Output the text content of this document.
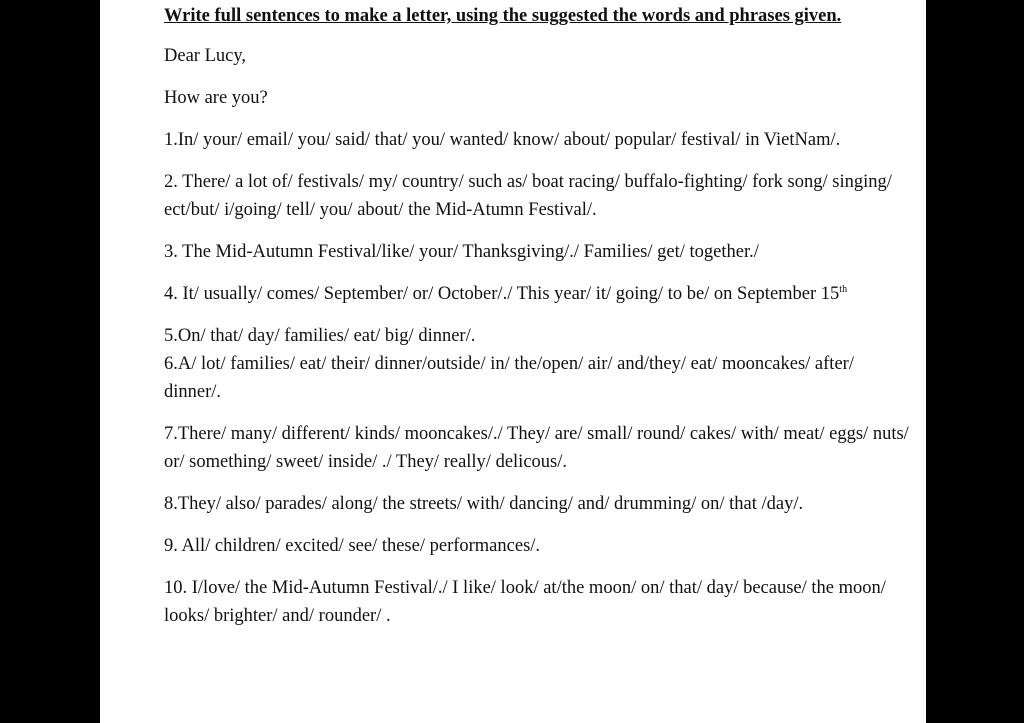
Write full sentences to make a letter, using the suggested the words and phrases given.

Dear Lucy,

How are you?

1.In/ your/ email/ you/ said/ that/ you/ wanted/ know/ about/ popular/ festival/ in VietNam/.

2. There/ a lot of/ festivals/ my/ country/ such as/ boat racing/ buffalo-fighting/ fork song/ singing/ ect/but/ i/going/ tell/ you/ about/ the Mid-Atumn Festival/.

3. The Mid-Autumn Festival/like/ your/ Thanksgiving/./ Families/ get/ together./

4. It/ usually/ comes/ September/ or/ October/./ This year/ it/ going/ to be/ on September 15th

5.On/ that/ day/ families/ eat/ big/ dinner/.

6.A/ lot/ families/ eat/ their/ dinner/outside/ in/ the/open/ air/ and/they/ eat/ mooncakes/ after/ dinner/.

7.There/ many/ different/ kinds/ mooncakes/./ They/ are/ small/ round/ cakes/ with/ meat/ eggs/ nuts/ or/ something/ sweet/ inside/ ./ They/ really/ delicous/.

8.They/ also/ parades/ along/ the streets/ with/ dancing/ and/ drumming/ on/ that /day/.

9. All/ children/ excited/ see/ these/ performances/.

10. I/love/ the Mid-Autumn Festival/./ I like/ look/ at/the moon/ on/ that/ day/ because/ the moon/ looks/ brighter/ and/ rounder/ .
